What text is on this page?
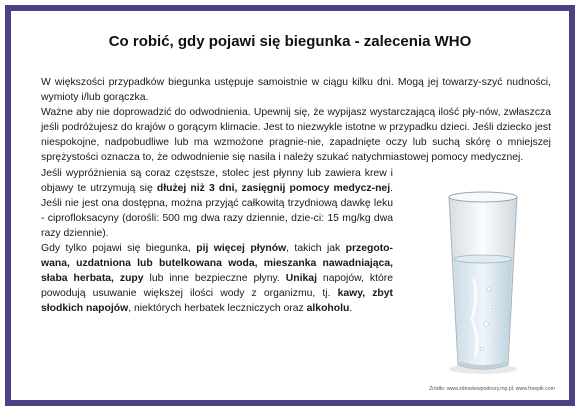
Co robić, gdy pojawi się biegunka - zalecenia WHO

W większości przypadków biegunka ustępuje samoistnie w ciągu kilku dni. Mogą jej towarzy-szyć nudności, wymioty i/lub gorączka.

Ważne aby nie doprowadzić do odwodnienia. Upewnij się, że wypijasz wystarczającą ilość pły-nów, zwłaszcza jeśli podróżujesz do krajów o gorącym klimacie. Jest to niezwykle istotne w przypadku dzieci. Jeśli dziecko jest niespokojne, nadpobudliwe lub ma wzmożone pragnie-nie, zapadnięte oczy lub suchą skórę o mniejszej sprężystości oznacza to, że odwodnienie się nasila i należy szukać natychmiastowej pomocy medycznej.

Jeśli wypróżnienia są coraz częstsze, stolec jest płynny lub zawiera krew i objawy te utrzymują się dłużej niż 3 dni, zasięgnij pomocy medycz-nej. Jeśli nie jest ona dostępna, można przyjąć całkowitą trzydniową dawkę leku - ciprofloksacyny (dorośli: 500 mg dwa razy dziennie, dzie-ci: 15 mg/kg dwa razy dziennie).

Gdy tylko pojawi się biegunka, pij więcej płynów, takich jak przegoto-wana, uzdatniona lub butelkowana woda, mieszanka nawadniająca, słaba herbata, zupy lub inne bezpieczne płyny. Unikaj napojów, które powodują usuwanie większej ilości wody z organizmu, tj. kawy, zbyt słodkich napojów, niektórych herbatek leczniczych oraz alkoholu.

Źródło: www.zdrowiewpodrozy.mp.pl; www.freepik.com
